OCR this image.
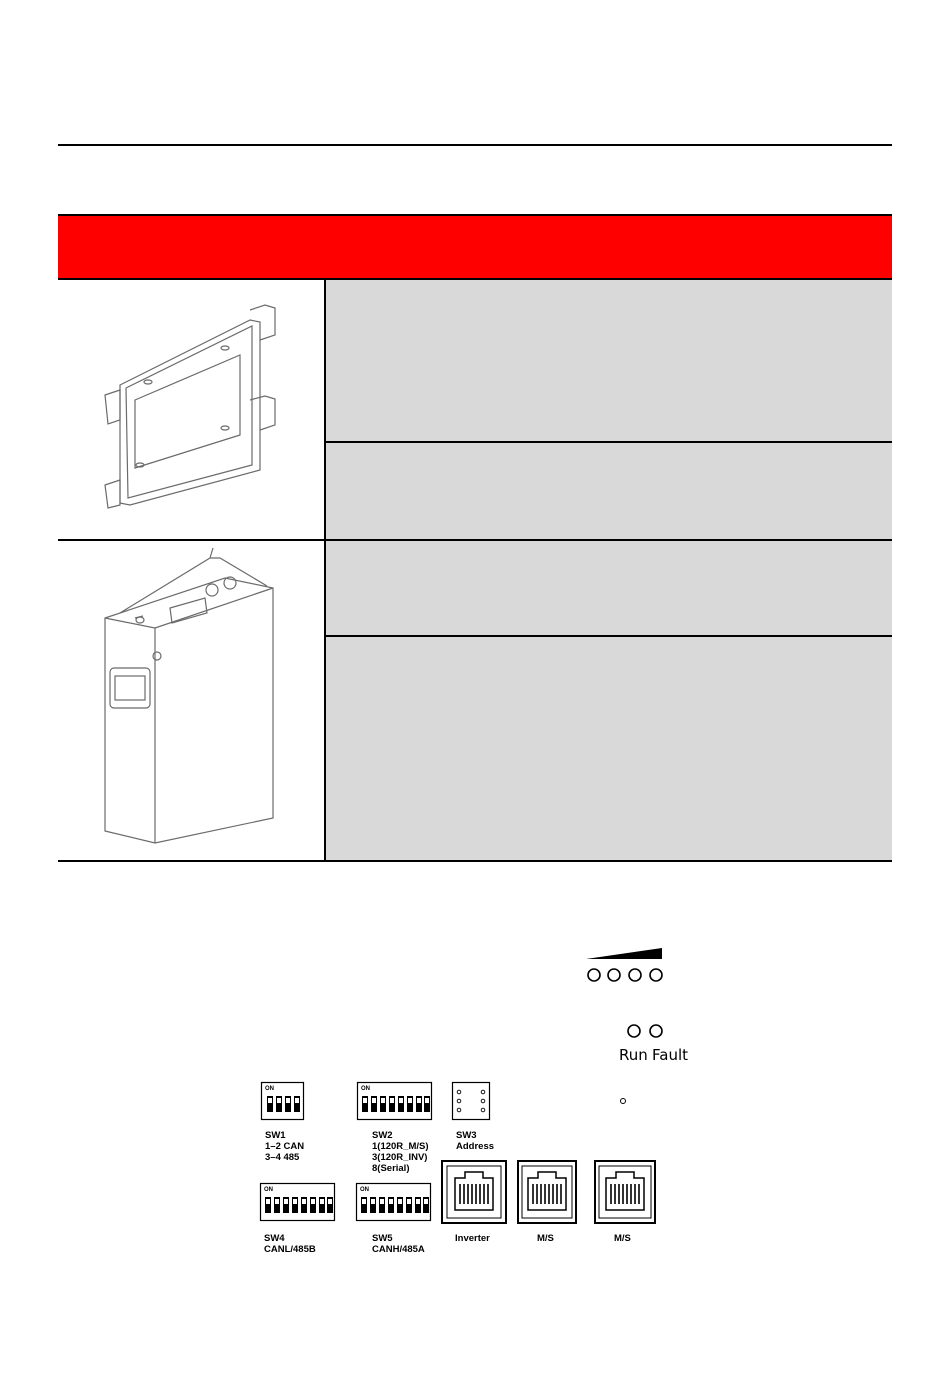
Run Fault
ON
SW1
1–2 CAN
3–4 485
ON
SW2
1(120R_M/S)
3(120R_INV)
8(Serial)
SW3
Address
ON
SW4
CANL/485B
ON
SW5
CANH/485A
Inverter	M/S	M/S
